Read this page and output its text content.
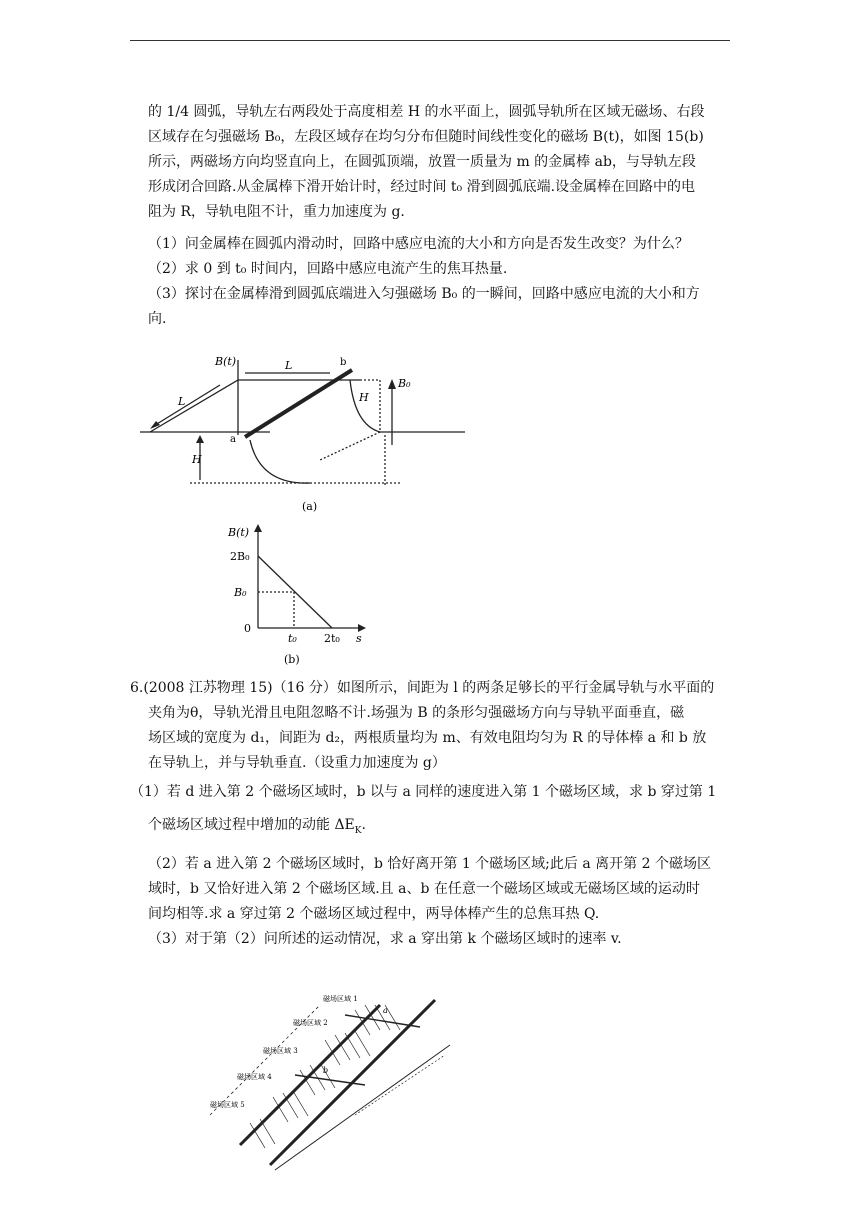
的 1/4 圆弧，导轨左右两段处于高度相差 H 的水平面上，圆弧导轨所在区域无磁场、右段
区域存在匀强磁场 B₀，左段区域存在均匀分布但随时间线性变化的磁场 B(t)，如图 15(b)
所示，两磁场方向均竖直向上，在圆弧顶端，放置一质量为 m 的金属棒 ab，与导轨左段
形成闭合回路.从金属棒下滑开始计时，经过时间 t₀ 滑到圆弧底端.设金属棒在回路中的电
阻为 R，导轨电阻不计，重力加速度为 g.
（1）问金属棒在圆弧内滑动时，回路中感应电流的大小和方向是否发生改变？为什么？
（2）求 0 到 t₀ 时间内，回路中感应电流产生的焦耳热量.
（3）探讨在金属棒滑到圆弧底端进入匀强磁场 B₀ 的一瞬间，回路中感应电流的大小和方
向.
B(t)	L
L	H
H
B₀
a
b
(a)
B(t)
2B₀
B₀
0
t₀ 2t₀ s
(b)
6.(2008 江苏物理 15)（16 分）如图所示，间距为 l 的两条足够长的平行金属导轨与水平面的
夹角为θ，导轨光滑且电阻忽略不计.场强为 B 的条形匀强磁场方向与导轨平面垂直，磁
场区域的宽度为 d₁，间距为 d₂，两根质量均为 m、有效电阻均匀为 R 的导体棒 a 和 b 放
在导轨上，并与导轨垂直.（设重力加速度为 g）
（1）若 d 进入第 2 个磁场区域时，b 以与 a 同样的速度进入第 1 个磁场区域，求 b 穿过第 1
个磁场区域过程中增加的动能 $\Delta E_K$.
（2）若 a 进入第 2 个磁场区域时，b 恰好离开第 1 个磁场区域;此后 a 离开第 2 个磁场区
域时，b 又恰好进入第 2 个磁场区域.且 a、b 在任意一个磁场区域或无磁场区域的运动时
间均相等.求 a 穿过第 2 个磁场区域过程中，两导体棒产生的总焦耳热 Q.
（3）对于第（2）问所述的运动情况，求 a 穿出第 k 个磁场区域时的速率 v.
磁场区域 1
磁场区域 2
磁场区域 3
磁场区域 4
磁场区域 5
a
b
